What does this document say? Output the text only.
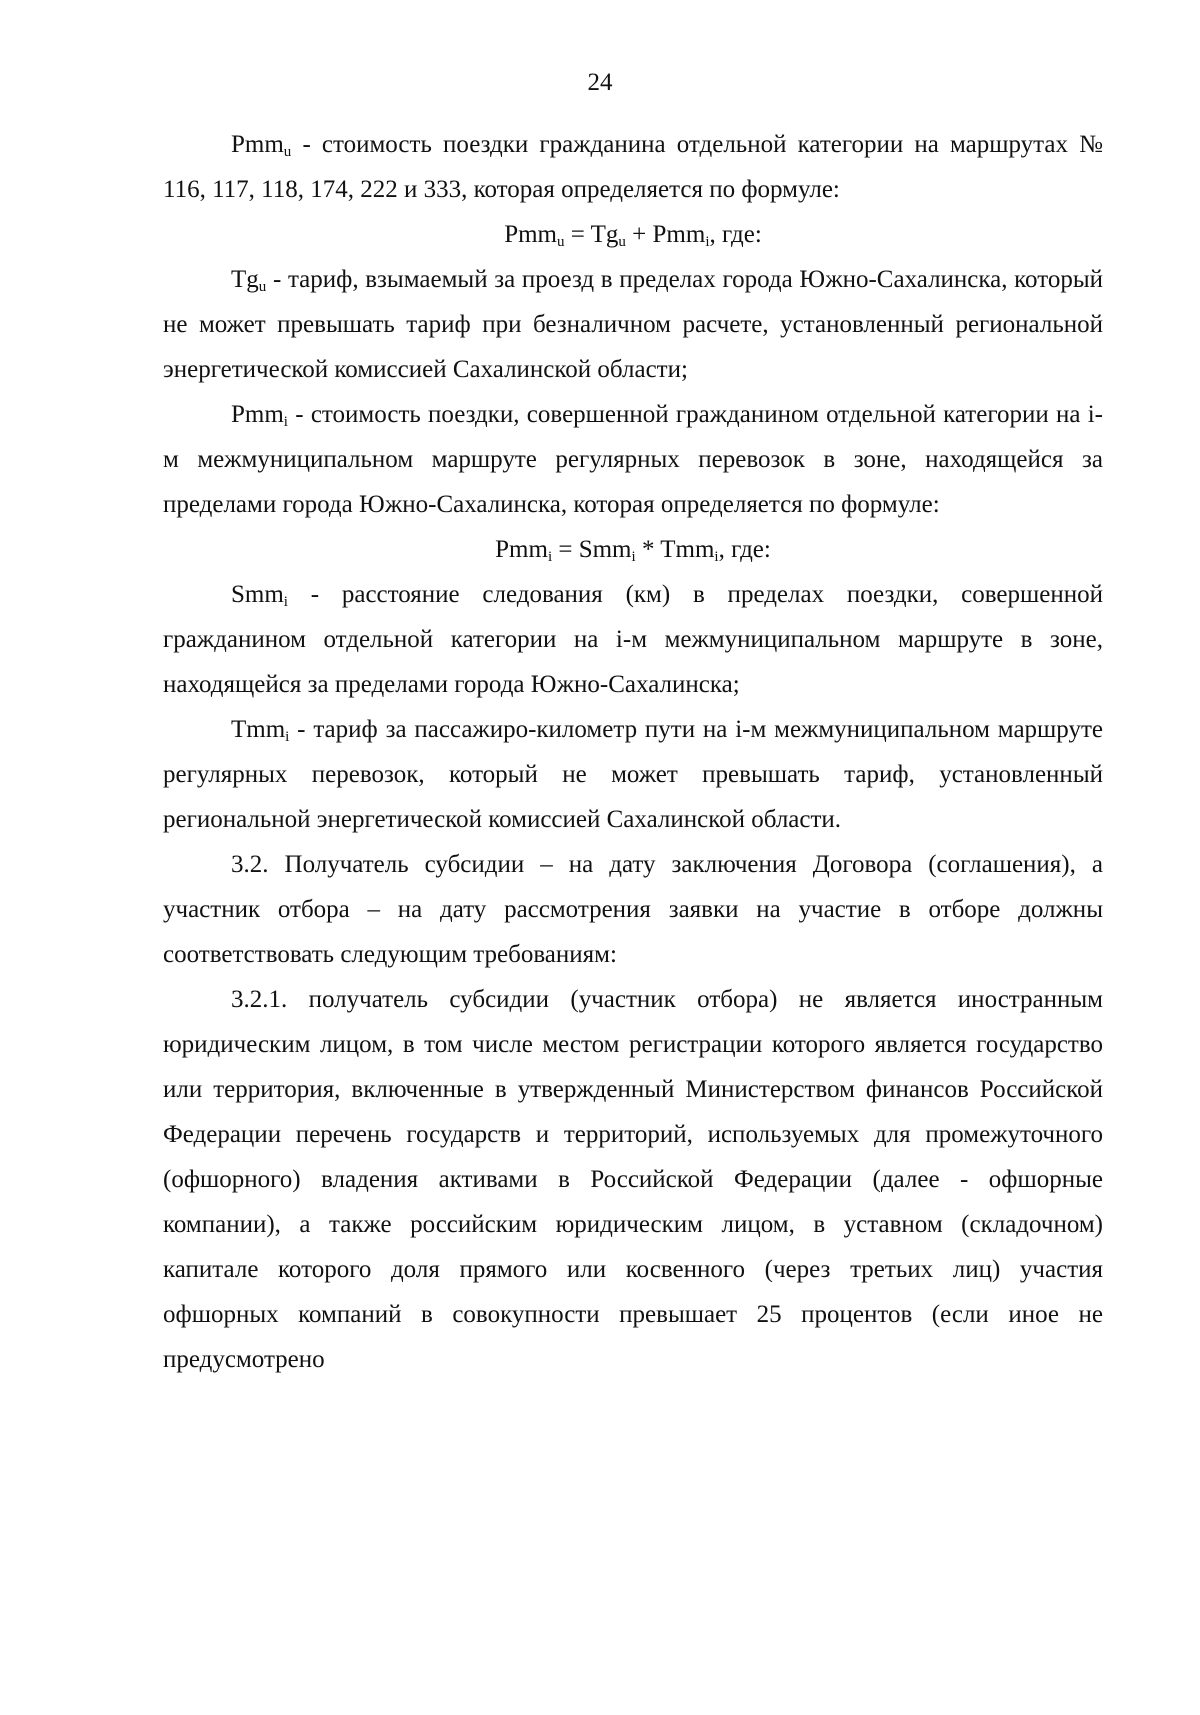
24

Pmm$_u$ - стоимость поездки гражданина отдельной категории на маршрутах № 116, 117, 118, 174, 222 и 333, которая определяется по формуле:

$Pmm_u = Tg_u + Pmm_i$, где:

$Tg_u$ - тариф, взымаемый за проезд в пределах города Южно-Сахалинска, который не может превышать тариф при безналичном расчете, установленный региональной энергетической комиссией Сахалинской области;

Pmm$_i$ - стоимость поездки, совершенной гражданином отдельной категории на i-м межмуниципальном маршруте регулярных перевозок в зоне, находящейся за пределами города Южно-Сахалинска, которая определяется по формуле:

Pmm$_i$ = Smm$_i$ * Tmm$_i$, где:

Smm$_i$ - расстояние следования (км) в пределах поездки, совершенной гражданином отдельной категории на i-м межмуниципальном маршруте в зоне, находящейся за пределами города Южно-Сахалинска;

Tmm$_i$ - тариф за пассажиро-километр пути на i-м межмуниципальном маршруте регулярных перевозок, который не может превышать тариф, установленный региональной энергетической комиссией Сахалинской области.

3.2. Получатель субсидии – на дату заключения Договора (соглашения), а участник отбора – на дату рассмотрения заявки на участие в отборе должны соответствовать следующим требованиям:

3.2.1. получатель субсидии (участник отбора) не является иностранным юридическим лицом, в том числе местом регистрации которого является государство или территория, включенные в утвержденный Министерством финансов Российской Федерации перечень государств и территорий, используемых для промежуточного (офшорного) владения активами в Российской Федерации (далее - офшорные компании), а также российским юридическим лицом, в уставном (складочном) капитале которого доля прямого или косвенного (через третьих лиц) участия офшорных компаний в совокупности превышает 25 процентов (если иное не предусмотрено
